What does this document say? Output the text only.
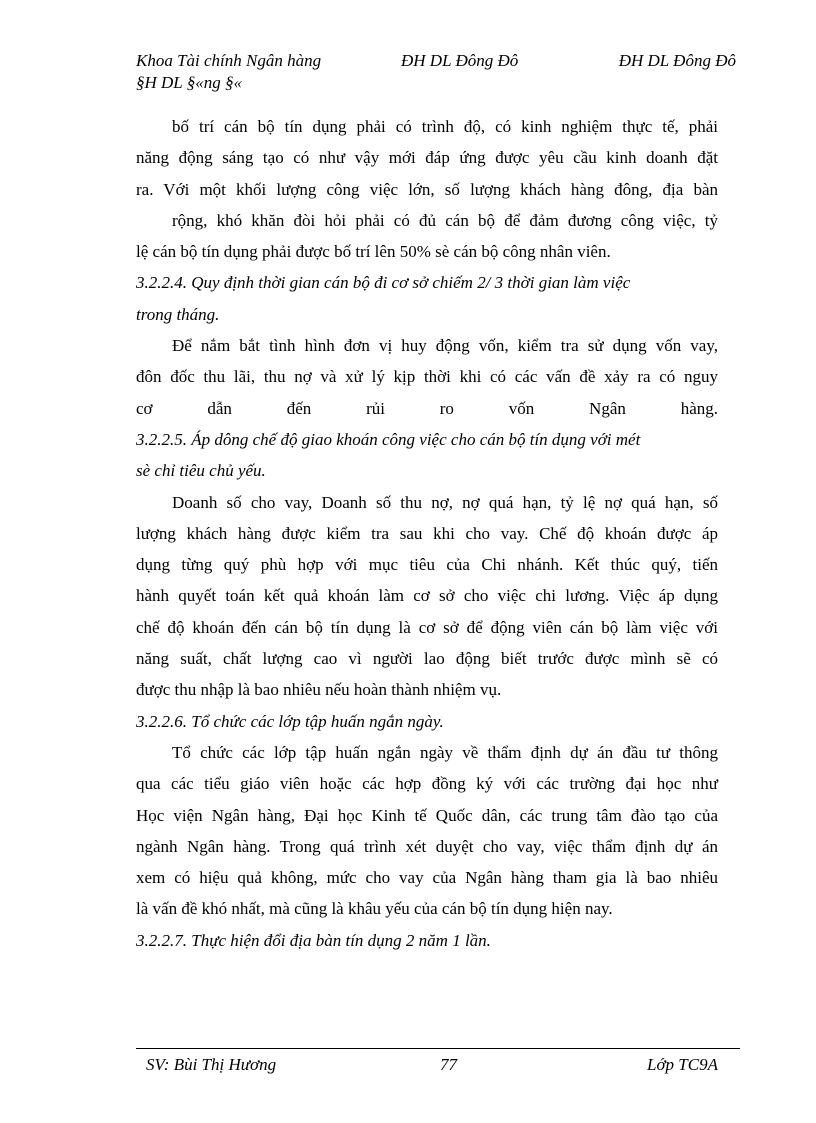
Khoa Tài chính Ngân hàng	ĐH DL Đông Đô	ĐH DL Đông Đô
§H DL §«ng §«
bố trí cán bộ tín dụng phải có trình độ, có kinh nghiệm thực tế, phải
năng động sáng tạo có như vậy mới đáp ứng được yêu cầu kinh doanh đặt
ra. Với một khối lượng công việc lớn, số lượng khách hàng đông, địa bàn
rộng, khó khăn đòi hỏi phải có đủ cán bộ để đảm đương công việc, tỷ
lệ cán bộ tín dụng phải được bố trí lên 50% sè cán bộ công nhân viên.
3.2.2.4. Quy định thời gian cán bộ đi cơ sở chiếm 2/ 3 thời gian làm việc
trong tháng.
Để nắm bắt tình hình đơn vị huy động vốn, kiểm tra sử dụng vốn vay,
đôn đốc thu lãi, thu nợ và xử lý kịp thời khi có các vấn đề xảy ra có nguy
cơ dẫn đến rủi ro vốn Ngân hàng.
3.2.2.5. Áp dông chế độ giao khoán công việc cho cán bộ tín dụng với mét
sè chỉ tiêu chủ yếu.
Doanh số cho vay, Doanh số thu nợ, nợ quá hạn, tỷ lệ nợ quá hạn, số
lượng khách hàng được kiểm tra sau khi cho vay. Chế độ khoán được áp
dụng từng quý phù hợp với mục tiêu của Chi nhánh. Kết thúc quý, tiến
hành quyết toán kết quả khoán làm cơ sở cho việc chi lương. Việc áp dụng
chế độ khoán đến cán bộ tín dụng là cơ sở để động viên cán bộ làm việc với
năng suất, chất lượng cao vì người lao động biết trước được mình sẽ có
được thu nhập là bao nhiêu nếu hoàn thành nhiệm vụ.
3.2.2.6. Tổ chức các lớp tập huấn ngắn ngày.
Tổ chức các lớp tập huấn ngắn ngày về thẩm định dự án đầu tư thông
qua các tiểu giáo viên hoặc các hợp đồng ký với các trường đại học như
Học viện Ngân hàng, Đại học Kinh tế Quốc dân, các trung tâm đào tạo của
ngành Ngân hàng. Trong quá trình xét duyệt cho vay, việc thẩm định dự án
xem có hiệu quả không, mức cho vay của Ngân hàng tham gia là bao nhiêu
là vấn đề khó nhất, mà cũng là khâu yếu của cán bộ tín dụng hiện nay.
3.2.2.7. Thực hiện đổi địa bàn tín dụng 2 năm 1 lần.
SV: Bùi Thị Hương	77	Lớp TC9A
